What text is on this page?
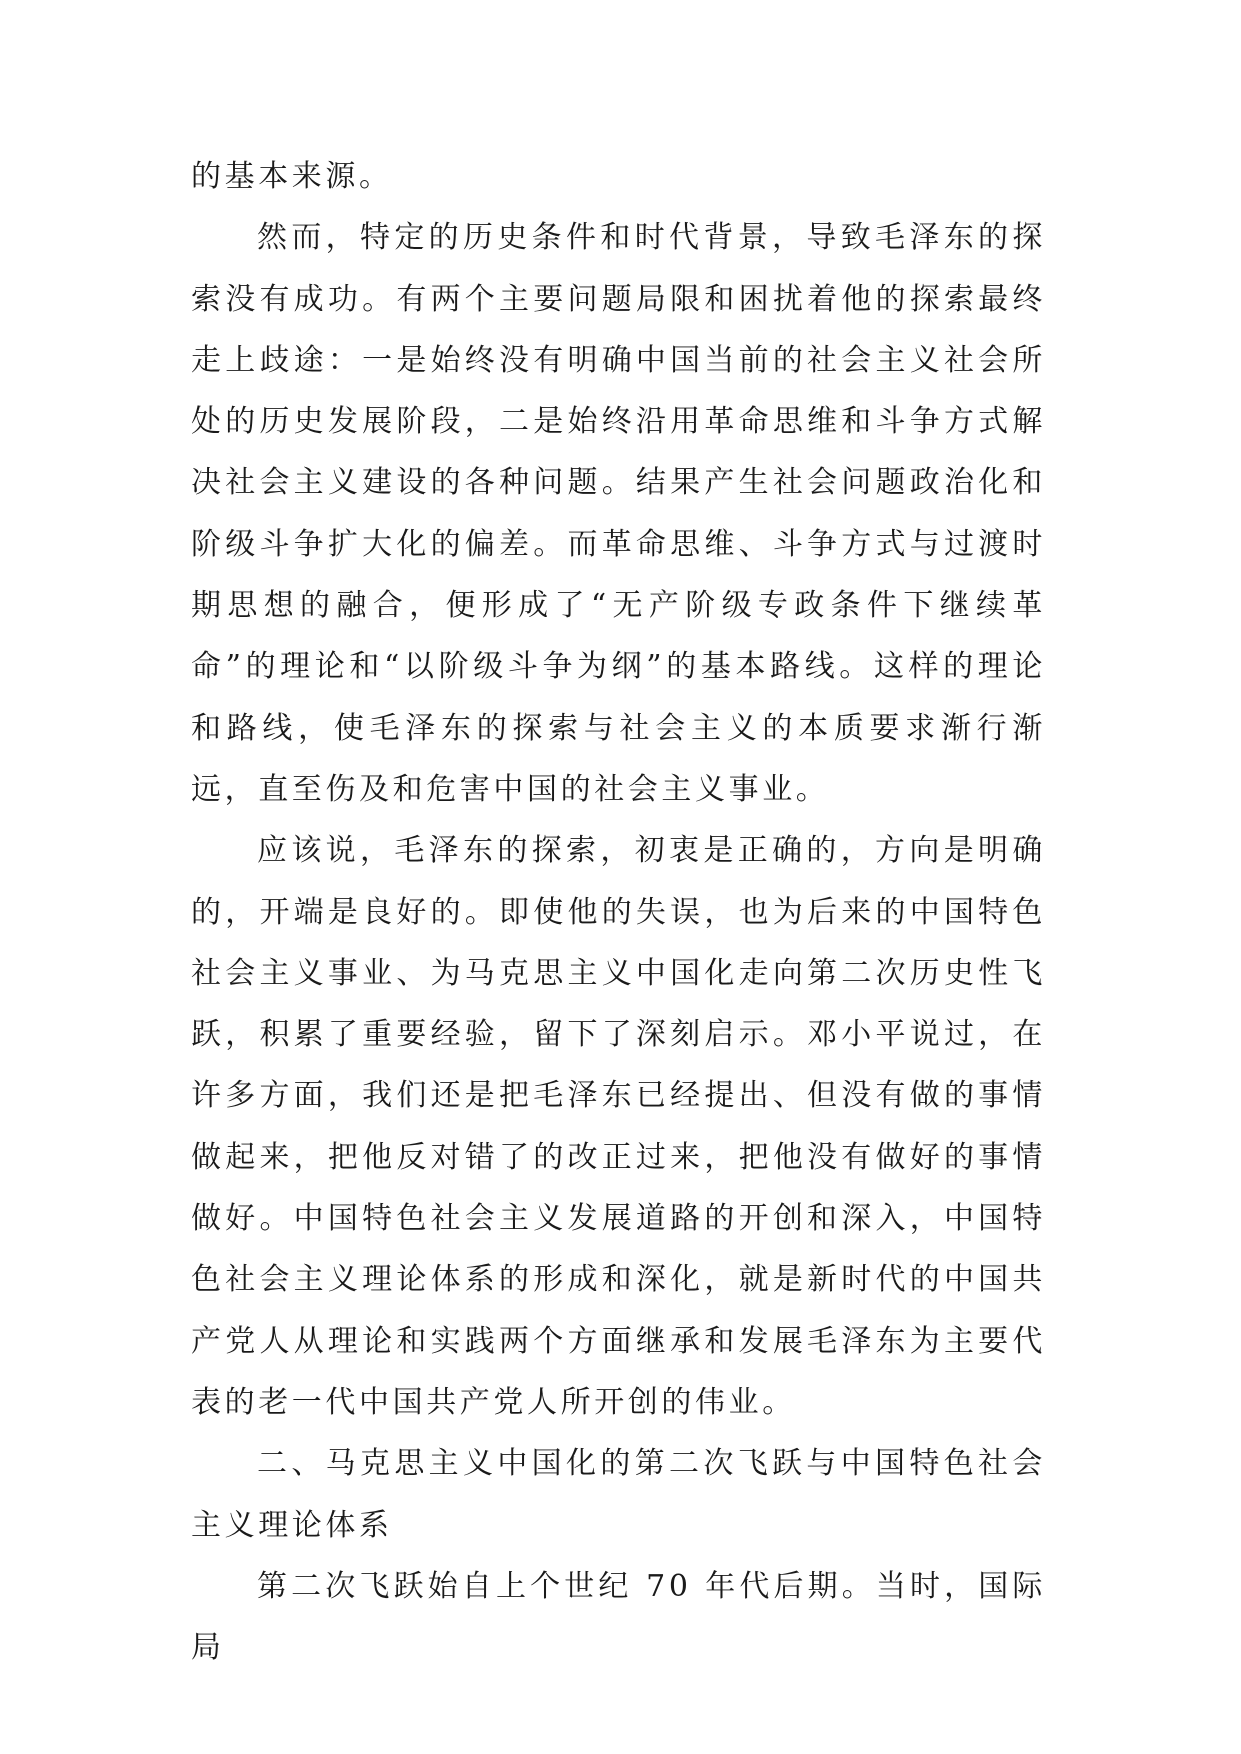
的基本来源。

然而，特定的历史条件和时代背景，导致毛泽东的探索没有成功。有两个主要问题局限和困扰着他的探索最终走上歧途：一是始终没有明确中国当前的社会主义社会所处的历史发展阶段，二是始终沿用革命思维和斗争方式解决社会主义建设的各种问题。结果产生社会问题政治化和阶级斗争扩大化的偏差。而革命思维、斗争方式与过渡时期思想的融合，便形成了“无产阶级专政条件下继续革命”的理论和“以阶级斗争为纲”的基本路线。这样的理论和路线，使毛泽东的探索与社会主义的本质要求渐行渐远，直至伤及和危害中国的社会主义事业。

应该说，毛泽东的探索，初衷是正确的，方向是明确的，开端是良好的。即使他的失误，也为后来的中国特色社会主义事业、为马克思主义中国化走向第二次历史性飞跃，积累了重要经验，留下了深刻启示。邓小平说过，在许多方面，我们还是把毛泽东已经提出、但没有做的事情做起来，把他反对错了的改正过来，把他没有做好的事情做好。中国特色社会主义发展道路的开创和深入，中国特色社会主义理论体系的形成和深化，就是新时代的中国共产党人从理论和实践两个方面继承和发展毛泽东为主要代表的老一代中国共产党人所开创的伟业。

二、马克思主义中国化的第二次飞跃与中国特色社会主义理论体系

第二次飞跃始自上个世纪 70 年代后期。当时，国际局
